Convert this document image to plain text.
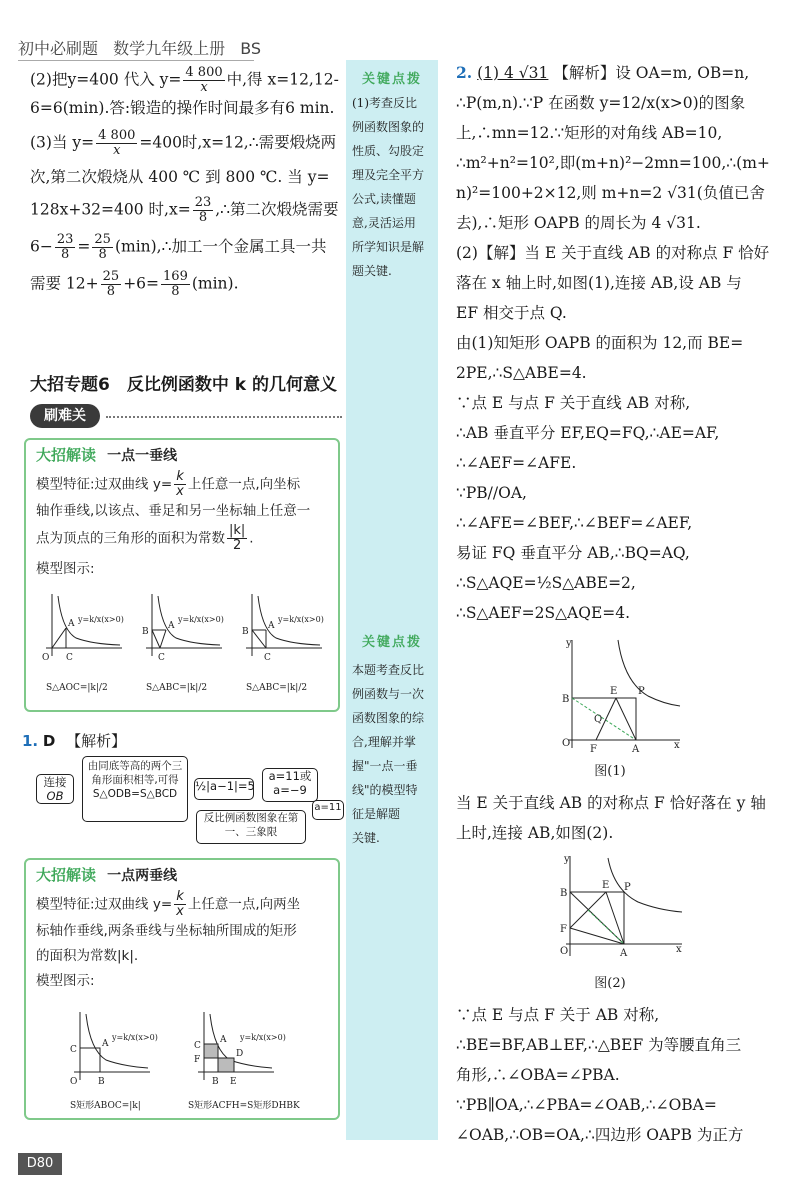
初中必刷题 数学九年级上册 BS

(2)把y=400 代入 $y= \frac{4 800}{x}$ 中,得 x=12,12-

6=6(min).答:锻造的操作时间最多有6 min.

(3)当 $y= \frac{4 800}{x} =400$时,x=12,∴需要煅烧两

次,第二次煅烧从 400 ℃ 到 800 ℃. 当 y=

128x+32=400 时$,x= \frac{23}{8}$ ,∴第二次煅烧需要

$6- \frac{23}{8} = \frac{25}{8}$ (min),∴加工一个金属工具一共

需要 $12+ \frac{25}{8} +6= \frac{169}{8} (\min)$.

大招专题6　反比例函数中 k 的几何意义
刷难关
大招解读 一点一垂线
模型特征:过双曲线 $y= \frac{k}{x}$ 上任意一点,向坐标
轴作垂线,以该点、垂足和另一坐标轴上任意一
点为顶点的三角形的面积为常数 $\frac{|k|}{2}$ .
模型图示:
A
C
O
y=k/x(x>0)
S△AOC=|k|/2
A
B
C
y=k/x(x>0)
S△ABC=|k|/2
A
B
C
y=k/x(x>0)
S△ABC=|k|/2
1. D 【解析】
连接
OB
由同底等高的两个三角形面积相等,可得 S△ODB=S△BCD
½|a−1|=5
a=11或
a=−9
反比例函数图象在第一、三象限
a=11
大招解读 一点两垂线
模型特征:过双曲线 $y= \frac{k}{x}$ 上任意一点,向两坐
标轴作垂线,两条垂线与坐标轴所围成的矩形
的面积为常数|k|.
模型图示:
A
C
B
O
y=k/x(x>0)
S矩形ABOC=|k|
C
A
D
F
B E
y=k/x(x>0)
S矩形ACFH=S矩形DHBK
关键点拨
(1)考查反比
例函数图象的
性质、勾股定
理及完全平方
公式,读懂题
意,灵活运用
所学知识是解
题关键.
关键点拨
本题考查反比
例函数与一次
函数图象的综
合,理解并掌
握"一点一垂
线"的模型特
征是解题
关键.

2. (1) 4 √31 【解析】设 OA=m, OB=n,

∴P(m,n).∵P 在函数 y=12/x(x>0)的图象

上,∴mn=12.∵矩形的对角线 AB=10,

∴m²+n²=10²,即(m+n)²−2mn=100,∴(m+

n)²=100+2×12,则 m+n=2 √31(负值已舍

去),∴矩形 OAPB 的周长为 4 √31.

(2)【解】当 E 关于直线 AB 的对称点 F 恰好

落在 x 轴上时,如图(1),连接 AB,设 AB 与

EF 相交于点 Q.

由(1)知矩形 OAPB 的面积为 12,而 BE=

2PE,∴S△ABE=4.

∵点 E 与点 F 关于直线 AB 对称,

∴AB 垂直平分 EF,EQ=FQ,∴AE=AF,

∴∠AEF=∠AFE.

∵PB//OA,

∴∠AFE=∠BEF,∴∠BEF=∠AEF,

易证 FQ 垂直平分 AB,∴BQ=AQ,

∴S△AQE=½S△ABE=2,

∴S△AEF=2S△AQE=4.

B
E P
Q
O
F	A
y
x
图(1)

当 E 关于直线 AB 的对称点 F 恰好落在 y 轴

上时,连接 AB,如图(2).

B
E P
F
O	A
y
x
图(2)

∵点 E 与点 F 关于 AB 对称,

∴BE=BF,AB⊥EF,∴△BEF 为等腰直角三

角形,∴∠OBA=∠PBA.

∵PB∥OA,∴∠PBA=∠OAB,∴∠OBA=

∠OAB,∴OB=OA,∴四边形 OAPB 为正方

D80
